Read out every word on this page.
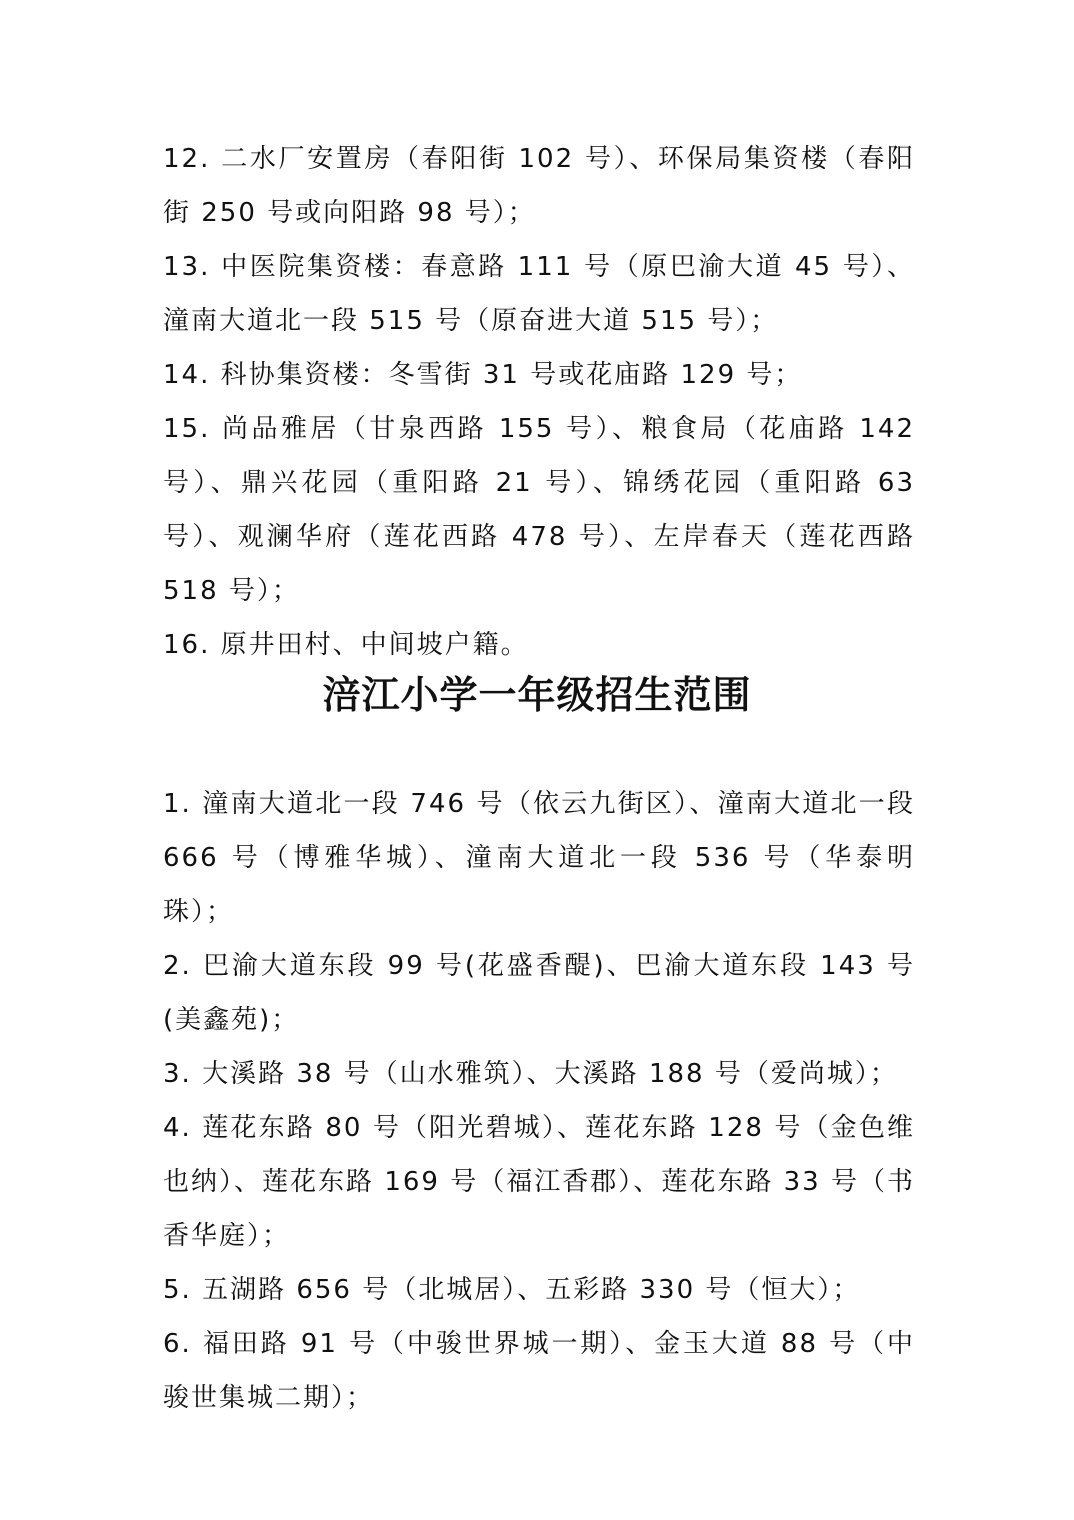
12. 二水厂安置房（春阳街 102 号）、环保局集资楼（春阳街 250 号或向阳路 98 号）；

13. 中医院集资楼：春意路 111 号（原巴渝大道 45 号）、潼南大道北一段 515 号（原奋进大道 515 号）；

14. 科协集资楼：冬雪街 31 号或花庙路 129 号；

15. 尚品雅居（甘泉西路 155 号）、粮食局（花庙路 142 号）、鼎兴花园（重阳路 21 号）、锦绣花园（重阳路 63 号）、观澜华府（莲花西路 478 号）、左岸春天（莲花西路 518 号）；

16. 原井田村、中间坡户籍。

涪江小学一年级招生范围

1. 潼南大道北一段 746 号（依云九街区）、潼南大道北一段 666 号（博雅华城）、潼南大道北一段 536 号（华泰明珠）；

2. 巴渝大道东段 99 号(花盛香醍)、巴渝大道东段 143 号(美鑫苑)；

3. 大溪路 38 号（山水雅筑）、大溪路 188 号（爱尚城）；

4. 莲花东路 80 号（阳光碧城）、莲花东路 128 号（金色维也纳）、莲花东路 169 号（福江香郡）、莲花东路 33 号（书香华庭）；

5. 五湖路 656 号（北城居）、五彩路 330 号（恒大）；

6. 福田路 91 号（中骏世界城一期）、金玉大道 88 号（中骏世集城二期）；
